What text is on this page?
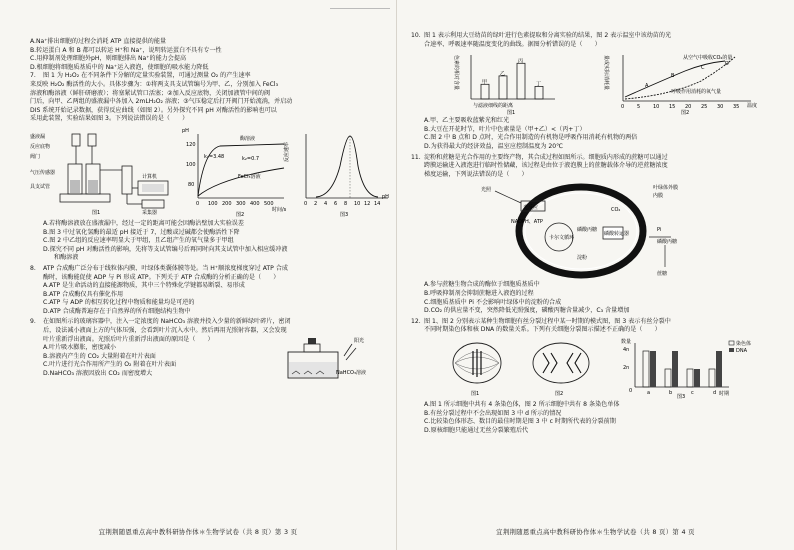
A.Na⁺排出细胞的过程会消耗 ATP 直接提供的能量
B.转运蛋白 A 和 B 都可以转运 H⁺和 Na⁺，说明转运蛋白不具有专一性
C.用抑制剂处理细胞外pH，则细胞排出 Na⁺的能力会提高
D.根细胞将细胞质基质中的 Na⁺运入液泡，使细胞的吸水能力降低
7. 图 1 为 H₂O₂ 在不同条件下分解的定量实验装置，可通过测量 O₂ 的产生速率
来反映 H₂O₂ 酶活性的大小。具体步骤为：①将两支具支试管编号为甲、乙，分别加入 FeCl₃
溶液和酶溶液（鲜肝研磨液）；将塞紧试管口活塞；②加入反应底物，关闭加液管中间的阀
门后，向甲、乙两组的盛液漏中各加入 2mLH₂O₂ 溶液；③气压稳定后打开阀门开始流淌，并启动
DIS 系统开始记录数据，获得反应曲线（如图 2）。另外探究不同 pH 对酶活性的影响也可以
采用此装置，实验结果如图 3。下列说法错误的是（　　）
盛液漏
反应底物
阀门
气压传感器
具支试管
计算机
采集器
图1
pH
120
100
80
酶溶液
FeCl₃溶液
k₁=3.48	k₂=0.7
0 100 200 300 400 500
时间/s
图2
反应速率
0 2 4 6 8 10 12 14
pH
图3
A.若将酶溶液放在盛液漏中，经过一定的距离可能会因酶沾壁加大实验误差
B.图 3 中过氧化氢酶的最适 pH 接近于 7，过酸或过碱都会使酶活性下降
C.图 2 中乙组的反应速率明显大于甲组，且乙组产生的氧气量多于甲组
D.探究不同 pH 对酶活性的影响，先将等支试管编号后再同时向其支试管中加入相应缓冲液
和酶溶液
8. ATP 合成酶广泛分布于线粒体内膜、叶绿体类囊体膜等处。当 H⁺顺浓度梯度穿过 ATP 合成
酶时，该酶能促使 ADP 与 Pi 形成 ATP。下列关于 ATP 合成酶的分析正确的是（　　）
A.ATP 是生命活动的直接能源物质，其中三个特殊化学键都易断裂、易形成
B.ATP 合成酶仅具有催化作用
C.ATP 与 ADP 的相互转化过程中物质和能量均是可逆的
D.ATP 合成酶普遍存在于自然界的所有细胞结构生物中
9. 在如图所示的玻璃容器中，注入一定浓度的 NaHCO₃ 溶液并投入少量的新鲜绿叶碎片，密闭
后，设法减小液面上方的气体压强，会看到叶片沉入水中。然后再用光照射容器，又会发现
叶片重新浮出液面。光照后叶片重新浮出液面的原因是（　　）
A.叶片吸水膨胀，密度减小
B.溶液内产生的 CO₂ 大量附着在叶片表面
C.叶片进行光合作用所产生的 O₂ 附着在叶片表面
D.NaHCO₃ 溶液因放出 CO₂ 而密度增大
阳光
NaHCO₃溶液
宜荆荆随恩重点高中教科研协作体＊生物学试卷（共 8 页）第 3 页
10. 图 1 表示利用大豆幼苗的绿叶进行色素提取和分离实验的结果，图 2 表示温室中该幼苗的光
合速率、呼吸速率随温度变化的曲线。据图分析错误的是（　　）
色素的相对含量	甲
乙
丙
丁
与滤液细线的距离
图1
量或实际消耗量	从空气中吸收CO₂的量
呼吸作用消耗的氧气量
A
B
C
D
0	5	10 15 20 25 30 35 温度
图2
A.甲、乙主要吸收蓝紫光和红光
B.大豆在开花时节，叶片中色素量是（甲+乙）<（丙+丁）
C.图 2 中 B 点和 D 点时，光合作用制造的有机物是呼吸作用消耗有机物的两倍
D.为获得最大的经济效益，温室应控制温度为 20℃
11. 淀粉和蔗糖是光合作用的主要终产物，其合成过程如图所示。细胞质内形成的蔗糖可以通过
跨膜运输进入液泡进行临时性储藏，该过程是由位于液泡膜上的蔗糖载体介导的逆蔗糖浓度
梯度运输，下列说法错误的是（　　）
光反应
NADPH、ATP
卡尔文循环
磷酸丙糖
淀粉
磷酸转运器
CO₂
叶绿体外膜
内膜
Pi
磷酸丙糖
蔗糖
光照
A.参与蔗糖生物合成的酶位于细胞质基质中
B.呼吸抑制剂会抑制蔗糖进入液泡的过程
C.细胞质基质中 Pi 不会影响叶绿体中的淀粉的合成
D.CO₂ 的供应量不变，突然降低光照强度，磷酸丙糖含量减少，C₃ 含量增加
12. 图 1、图 2 分别表示某种生物细胞有丝分裂过程中某一时期的模式图，图 3 表示有丝分裂中
不同时期染色体和核 DNA 的数量关系。下列有关细胞分裂图示描述不正确的是（　　）
图1	图2
数量
4n
2n
0	a	b	c	d 时期
染色体
DNA
图3
A.图 1 所示细胞中共有 4 条染色体，图 2 所示细胞中共有 8 条染色单体
B.有丝分裂过程中不会出现如图 3 中 d 所示的情况
C.比较染色体形态、数目的最佳时期是图 3 中 c 时期所代表的分裂前期
D.原核细胞只能通过无丝分裂繁殖后代
宜荆荆随恩重点高中教科研协作体＊生物学试卷（共 8 页）第 4 页
